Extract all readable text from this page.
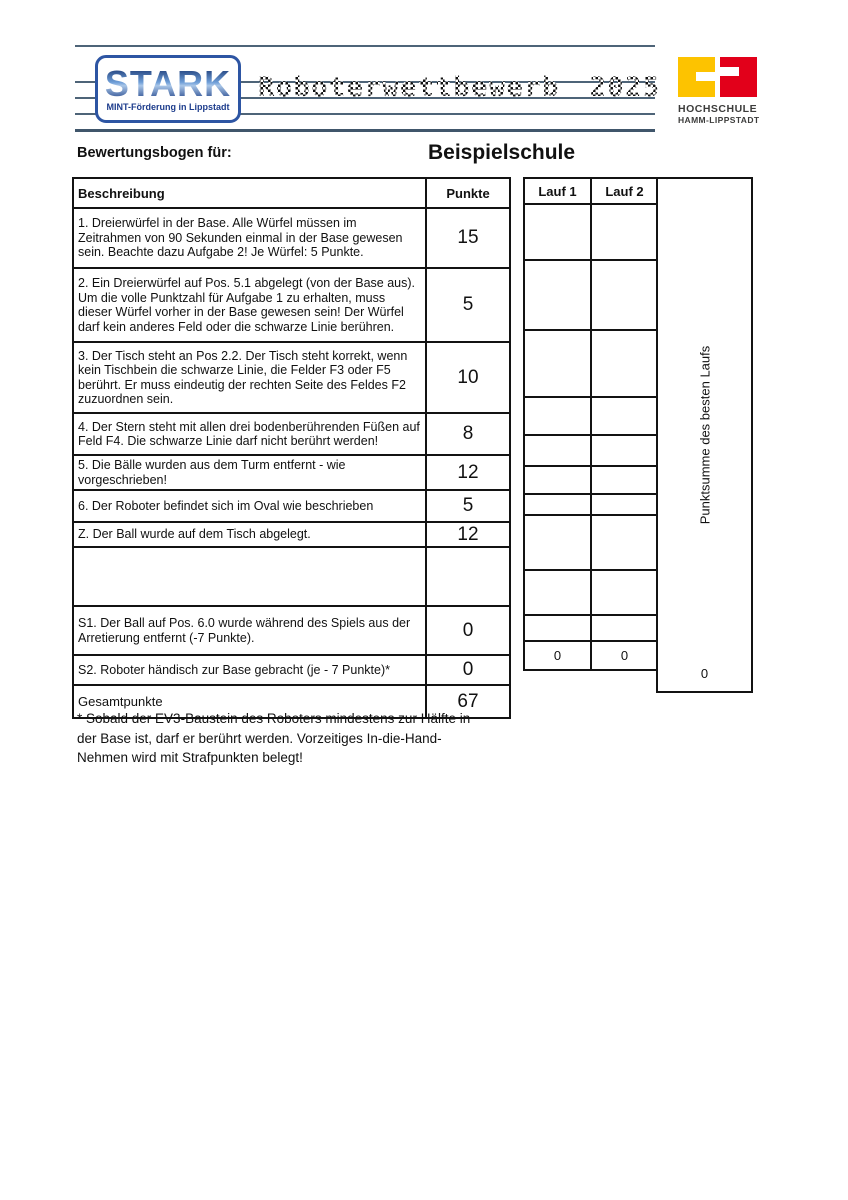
STARK
MINT-Förderung in Lippstadt
Roboterwettbewerb 2025
HOCHSCHULE
HAMM-LIPPSTADT
Bewertungsbogen für:	Beispielschule
Beschreibung	Punkte
1. Dreierwürfel in der Base. Alle Würfel müssen im Zeitrahmen von 90 Sekunden einmal in der Base gewesen sein. Beachte dazu Aufgabe 2! Je Würfel: 5 Punkte.	15
2. Ein Dreierwürfel auf Pos. 5.1 abgelegt (von der Base aus). Um die volle Punktzahl für Aufgabe 1 zu erhalten, muss dieser Würfel vorher in der Base gewesen sein! Der Würfel darf kein anderes Feld oder die schwarze Linie berühren.	5
3. Der Tisch steht an Pos 2.2. Der Tisch steht korrekt, wenn kein Tischbein die schwarze Linie, die Felder F3 oder F5 berührt. Er muss eindeutig der rechten Seite des Feldes F2 zuzuordnen sein.	10
4. Der Stern steht mit allen drei bodenberührenden Füßen auf Feld F4. Die schwarze Linie darf nicht berührt werden!	8
5. Die Bälle wurden aus dem Turm entfernt - wie vorgeschrieben!	12
6. Der Roboter befindet sich im Oval wie beschrieben	5
Z. Der Ball wurde auf dem Tisch abgelegt.	12

S1. Der Ball auf Pos. 6.0 wurde während des Spiels aus der Arretierung entfernt (-7 Punkte).	0
S2. Roboter händisch zur Base gebracht (je - 7 Punkte)*	0
Gesamtpunkte	67
Lauf 1	Lauf 2

0	0
Punktsumme des besten Laufs
0
* Sobald der EV3-Baustein des Roboters mindestens zur Hälfte in
der Base ist, darf er berührt werden. Vorzeitiges In-die-Hand-
Nehmen wird mit Strafpunkten belegt!
